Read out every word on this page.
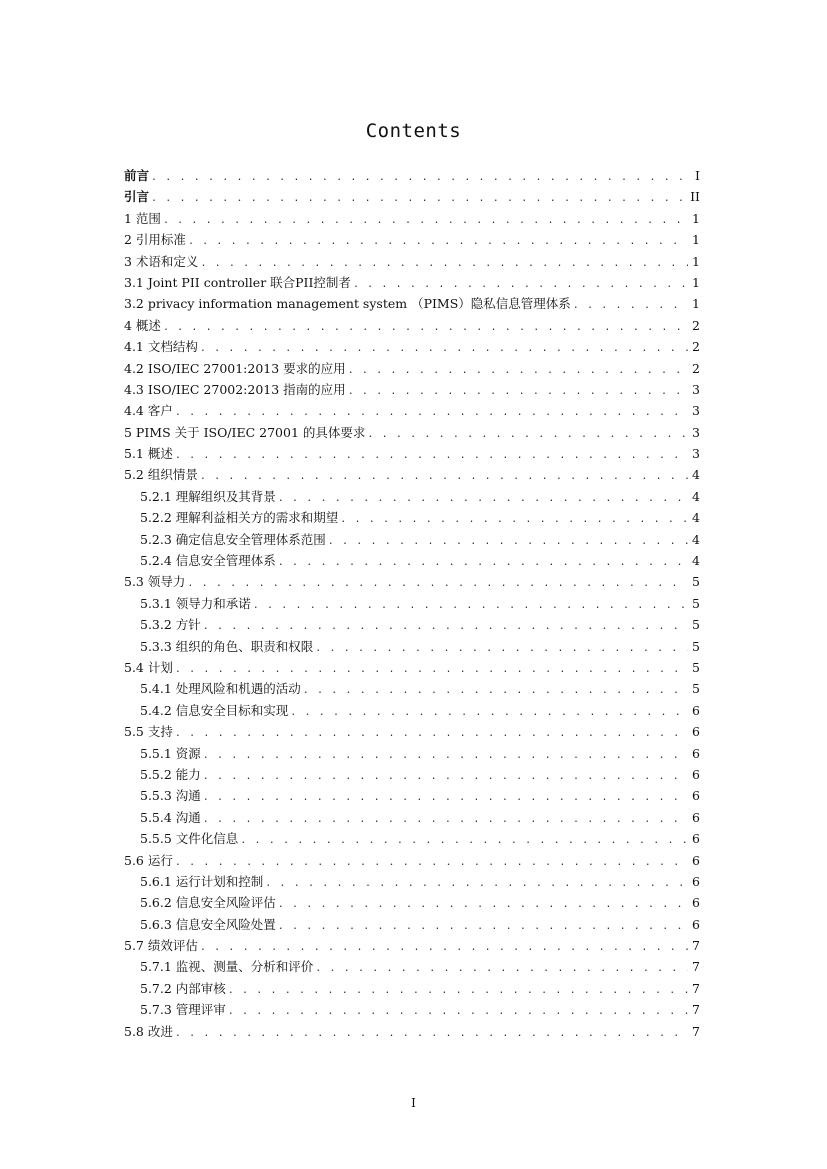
Contents
前言 . . .	I
引言 . . .	II
1 范围 . . .	1
2 引用标准 . . .	1
3 术语和定义 . . .	1
3.1 Joint PII controller 联合PII控制者 . . .	1
3.2 privacy information management system （PIMS）隐私信息管理体系 . . .	1
4 概述 . . .	2
4.1 文档结构 . . .	2
4.2 ISO/IEC 27001:2013 要求的应用 . . .	2
4.3 ISO/IEC 27002:2013 指南的应用 . . .	3
4.4 客户 . . .	3
5 PIMS 关于 ISO/IEC 27001 的具体要求 . . .	3
5.1 概述 . . .	3
5.2 组织情景 . . .	4
5.2.1 理解组织及其背景 . . .	4
5.2.2 理解利益相关方的需求和期望 . . .	4
5.2.3 确定信息安全管理体系范围 . . .	4
5.2.4 信息安全管理体系 . . .	4
5.3 领导力 . . .	5
5.3.1 领导力和承诺 . . .	5
5.3.2 方针 . . .	5
5.3.3 组织的角色、职责和权限 . . .	5
5.4 计划 . . .	5
5.4.1 处理风险和机遇的活动 . . .	5
5.4.2 信息安全目标和实现 . . .	6
5.5 支持 . . .	6
5.5.1 资源 . . .	6
5.5.2 能力 . . .	6
5.5.3 沟通 . . .	6
5.5.4 沟通 . . .	6
5.5.5 文件化信息 . . .	6
5.6 运行 . . .	6
5.6.1 运行计划和控制 . . .	6
5.6.2 信息安全风险评估 . . .	6
5.6.3 信息安全风险处置 . . .	6
5.7 绩效评估 . . .	7
5.7.1 监视、测量、分析和评价 . . .	7
5.7.2 内部审核 . . .	7
5.7.3 管理评审 . . .	7
5.8 改进 . . .	7
I
